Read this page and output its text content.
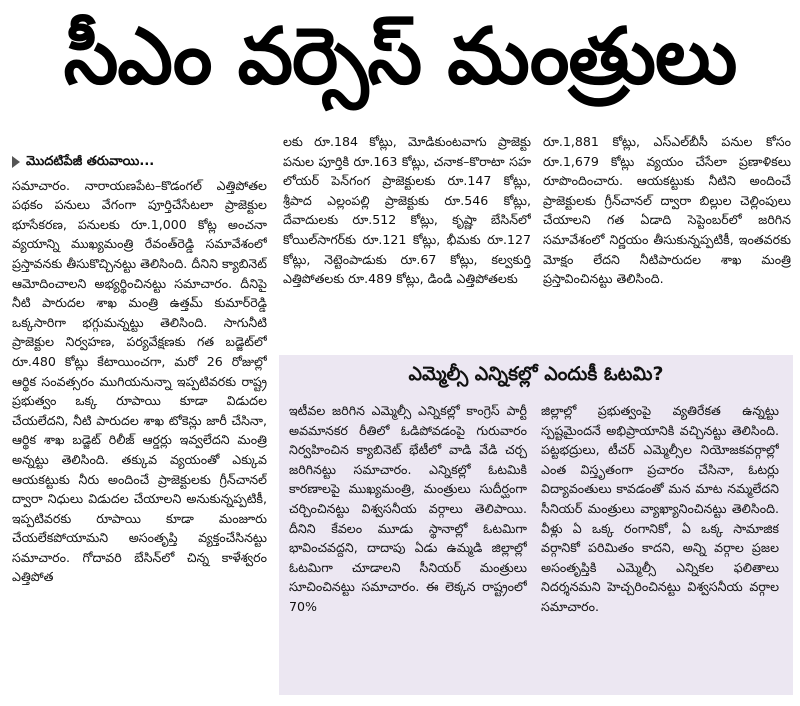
సీఎం వర్సెస్ మంత్రులు
మొదటిపేజీ తరువాయి...

సమాచారం. నారాయణపేట–కొడంగల్ ఎత్తిపోతల పథకం పనులు వేగంగా పూర్తిచేసేటలా ప్రాజెక్టుల భూసేకరణ, పనులకు రూ.1,000 కోట్ల అంచనా వ్యయాన్ని ముఖ్యమంత్రి రేవంత్‌రెడ్డి సమావేశంలో ప్రస్తావనకు తీసుకొచ్చినట్టు తెలిసింది. దీనిని క్యాబినెట్ ఆమోదించాలని అభ్యర్థించినట్టు సమాచారం. దీనిపై నీటి పారుదల శాఖ మంత్రి ఉత్తమ్ కుమార్‌రెడ్డి ఒక్కసారిగా భగ్గుమన్నట్టు తెలిసింది. సాగునీటి ప్రాజెక్టుల నిర్వహణ, పర్యవేక్షణకు గత బడ్జెట్‌లో రూ.480 కోట్లు కేటాయించగా, మరో 26 రోజుల్లో ఆర్థిక సంవత్సరం ముగియనున్నా ఇప్పటివరకు రాష్ట్ర ప్రభుత్వం ఒక్క రూపాయి కూడా విడుదల చేయలేదని, నీటి పారుదల శాఖ టోకెన్లు జారీ చేసినా, ఆర్థిక శాఖ బడ్జెట్ రిలీజ్ ఆర్డర్లు ఇవ్వలేదని మంత్రి అన్నట్టు తెలిసింది. తక్కువ వ్యయంతో ఎక్కువ ఆయకట్టుకు నీరు అందించే ప్రాజెక్టులకు గ్రీన్‌చానల్ ద్వారా నిధులు విడుదల చేయాలని అనుకున్నప్పటికీ, ఇప్పటివరకు రూపాయి కూడా మంజూరు చేయలేకపోయామని అసంతృప్తి వ్యక్తంచేసినట్టు సమాచారం. గోదావరి బేసిన్‌లో చిన్న కాళేశ్వరం ఎత్తిపోత

లకు రూ.184 కోట్లు, మోడికుంటవాగు ప్రాజెక్టు పనుల పూర్తికి రూ.163 కోట్లు, చనాక–కొరాటా సహ లోయర్ పెన్‌గంగ ప్రాజెక్టులకు రూ.147 కోట్లు, శ్రీపాద ఎల్లంపల్లి ప్రాజెక్టుకు రూ.546 కోట్లు, దేవాదులకు రూ.512 కోట్లు, కృష్ణా బేసిన్‌లో కోయిల్‌సాగర్‌కు రూ.121 కోట్లు, భీమకు రూ.127 కోట్లు, నెట్టెంపాడుకు రూ.67 కోట్లు, కల్వకుర్తి ఎత్తిపోతలకు రూ.489 కోట్లు, డిండి ఎత్తిపోతలకు

రూ.1,881 కోట్లు, ఎస్‌ఎల్‌బీసీ పనుల కోసం రూ.1,679 కోట్లు వ్యయం చేసేలా ప్రణాళికలు రూపొందించారు. ఆయకట్టుకు నీటిని అందించే ప్రాజెక్టులకు గ్రీన్‌చానల్ ద్వారా బిల్లుల చెల్లింపులు చేయాలని గత ఏడాది సెప్టెంబర్‌లో జరిగిన సమావేశంలో నిర్ణయం తీసుకున్నప్పటికీ, ఇంతవరకు మోక్షం లేదని నీటిపారుదల శాఖ మంత్రి ప్రస్తావించినట్టు తెలిసింది.

ఎమ్మెల్సీ ఎన్నికల్లో ఎందుకీ ఓటమి?
ఇటీవల జరిగిన ఎమ్మెల్సీ ఎన్నికల్లో కాంగ్రెస్ పార్టీ అవమానకర రీతిలో ఓడిపోవడంపై గురువారం నిర్వహించిన క్యాబినెట్ భేటీలో వాడి వేడి చర్చ జరిగినట్టు సమాచారం. ఎన్నికల్లో ఓటమికి కారణాలపై ముఖ్యమంత్రి, మంత్రులు సుదీర్ఘంగా చర్చించినట్టు విశ్వసనీయ వర్గాలు తెలిపాయి. దీనిని కేవలం మూడు స్థానాల్లో ఓటమిగా భావించవద్దని, దాదాపు ఏడు ఉమ్మడి జిల్లాల్లో ఓటమిగా చూడాలని సీనియర్ మంత్రులు సూచించినట్టు సమాచారం. ఈ లెక్కన రాష్ట్రంలో 70%
జిల్లాల్లో ప్రభుత్వంపై వ్యతిరేకత ఉన్నట్టు స్పష్టమైందనే అభిప్రాయానికి వచ్చినట్టు తెలిసింది. పట్టభద్రులు, టీచర్ ఎమ్మెల్సీల నియోజకవర్గాల్లో ఎంత విస్తృతంగా ప్రచారం చేసినా, ఓటర్లు విద్యావంతులు కావడంతో మన మాట నమ్మలేదని సీనియర్ మంత్రులు వ్యాఖ్యానించినట్టు తెలిసింది. వీళ్లు ఏ ఒక్క రంగానికో, ఏ ఒక్క సామాజిక వర్గానికో పరిమితం కాదని, అన్ని వర్గాల ప్రజల అసంతృప్తికి ఎమ్మెల్సీ ఎన్నికల ఫలితాలు నిదర్శనమని హెచ్చరించినట్టు విశ్వసనీయ వర్గాల సమాచారం.
